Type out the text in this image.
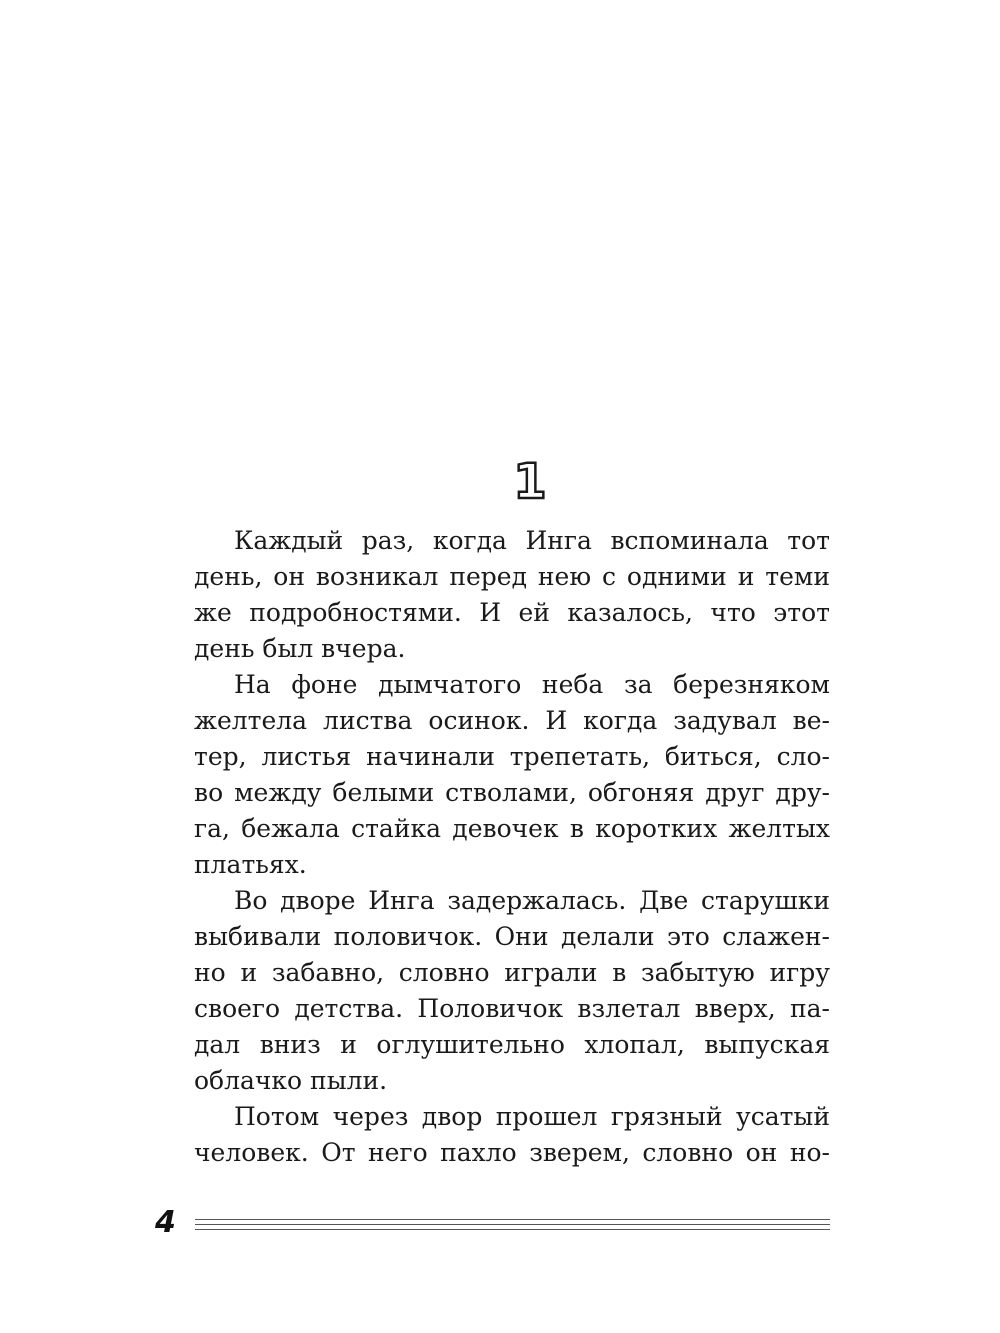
1
Каждый раз, когда Инга вспоминала тот
день, он возникал перед нею с одними и теми
же подробностями. И ей казалось, что этот
день был вчера.
На фоне дымчатого неба за березняком
желтела листва осинок. И когда задувал ве-
тер, листья начинали трепетать, биться, сло-
во между белыми стволами, обгоняя друг дру-
га, бежала стайка девочек в коротких желтых
платьях.
Во дворе Инга задержалась. Две старушки
выбивали половичок. Они делали это слажен-
но и забавно, словно играли в забытую игру
своего детства. Половичок взлетал вверх, па-
дал вниз и оглушительно хлопал, выпуская
облачко пыли.
Потом через двор прошел грязный усатый
человек. От него пахло зверем, словно он но-
4
